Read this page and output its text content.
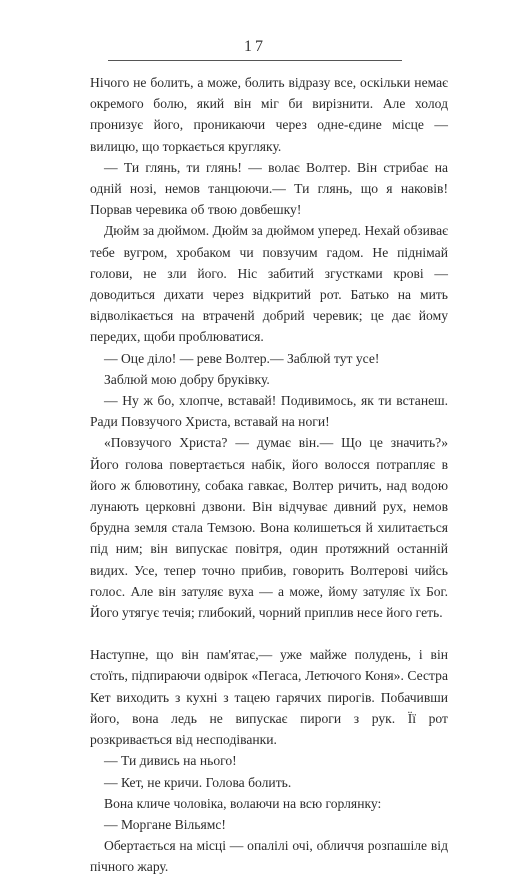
17

Нічого не болить, а може, болить відразу все, оскільки немає окремого болю, який він міг би вирізнити. Але холод пронизує його, проникаючи через одне-єдине місце — вилицю, що торкається кругляку.

— Ти глянь, ти глянь! — волає Волтер. Він стрибає на одній нозі, немов танцюючи.— Ти глянь, що я наковів! Порвав черевика об твою довбешку!

Дюйм за дюймом. Дюйм за дюймом уперед. Нехай обзиває тебе вугром, хробаком чи повзучим гадом. Не піднімай голови, не зли його. Ніс забитий згустками крові — доводиться дихати через відкритий рот. Батько на мить відволікається на втраченй добрий черевик; це дає йому передих, щоби проблюватися.

— Оце діло! — реве Волтер.— Заблюй тут усе!

Заблюй мою добру бруківку.

— Ну ж бо, хлопче, вставай! Подивимось, як ти встанеш. Ради Повзучого Христа, вставай на ноги!

«Повзучого Христа? — думає він.— Що це значить?» Його голова повертається набік, його волосся потрапляє в його ж блювотину, собака гавкає, Волтер ричить, над водою лунають церковні дзвони. Він відчуває дивний рух, немов брудна земля стала Темзою. Вона колишеться й хилитається під ним; він випускає повітря, один протяжний останній видих. Усе, тепер точно прибив, говорить Волтерові чийсь голос. Але він затуляє вуха — а може, йому затуляє їх Бог. Його утягує течія; глибокий, чорний приплив несе його геть.

Наступне, що він пам'ятає,— уже майже полудень, і він стоїть, підпираючи одвірок «Пегаса, Летючого Коня». Сестра Кет виходить з кухні з тацею гарячих пирогів. Побачивши його, вона ледь не випускає пироги з рук. Її рот розкривається від несподіванки.

— Ти дивись на нього!

— Кет, не кричи. Голова болить.

Вона кличе чоловіка, волаючи на всю горлянку:

— Моргане Вільямс!

Обертається на місці — опалілі очі, обличчя розпашіле від пічного жару.
